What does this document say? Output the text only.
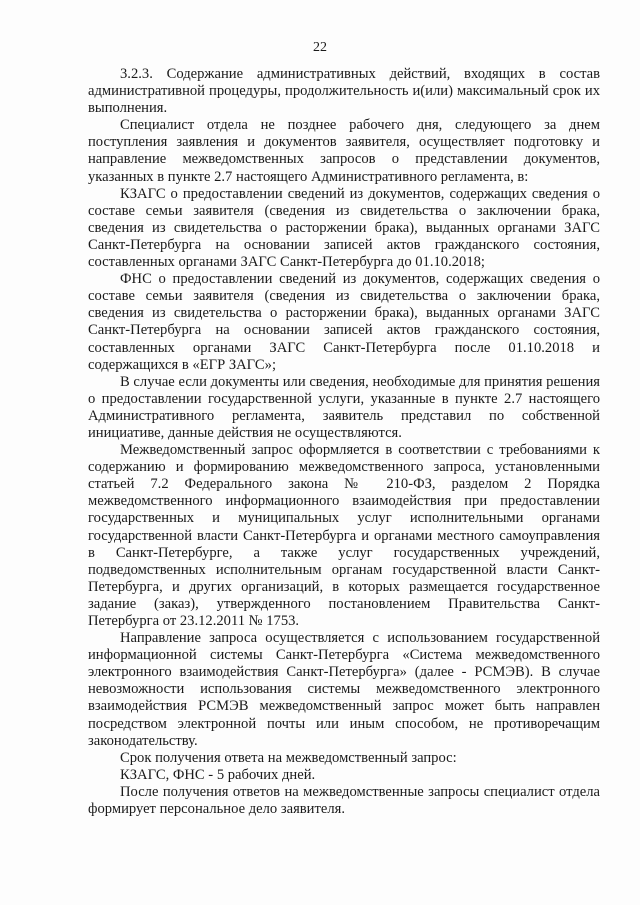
22

3.2.3. Содержание административных действий, входящих в состав административной процедуры, продолжительность и(или) максимальный срок их выполнения.

Специалист отдела не позднее рабочего дня, следующего за днем поступления заявления и документов заявителя, осуществляет подготовку и направление межведомственных запросов о представлении документов, указанных в пункте 2.7 настоящего Административного регламента, в:

КЗАГС о предоставлении сведений из документов, содержащих сведения о составе семьи заявителя (сведения из свидетельства о заключении брака, сведения из свидетельства о расторжении брака), выданных органами ЗАГС Санкт-Петербурга на основании записей актов гражданского состояния, составленных органами ЗАГС Санкт-Петербурга до 01.10.2018;

ФНС о предоставлении сведений из документов, содержащих сведения о составе семьи заявителя (сведения из свидетельства о заключении брака, сведения из свидетельства о расторжении брака), выданных органами ЗАГС Санкт-Петербурга на основании записей актов гражданского состояния, составленных органами ЗАГС Санкт-Петербурга после 01.10.2018 и содержащихся в «ЕГР ЗАГС»;

В случае если документы или сведения, необходимые для принятия решения о предоставлении государственной услуги, указанные в пункте 2.7 настоящего Административного регламента, заявитель представил по собственной инициативе, данные действия не осуществляются.

Межведомственный запрос оформляется в соответствии с требованиями к содержанию и формированию межведомственного запроса, установленными статьей 7.2 Федерального закона № 210-ФЗ, разделом 2 Порядка межведомственного информационного взаимодействия при предоставлении государственных и муниципальных услуг исполнительными органами государственной власти Санкт-Петербурга и органами местного самоуправления в Санкт-Петербурге, а также услуг государственных учреждений, подведомственных исполнительным органам государственной власти Санкт-Петербурга, и других организаций, в которых размещается государственное задание (заказ), утвержденного постановлением Правительства Санкт-Петербурга от 23.12.2011 № 1753.

Направление запроса осуществляется с использованием государственной информационной системы Санкт-Петербурга «Система межведомственного электронного взаимодействия Санкт-Петербурга» (далее - РСМЭВ). В случае невозможности использования системы межведомственного электронного взаимодействия РСМЭВ межведомственный запрос может быть направлен посредством электронной почты или иным способом, не противоречащим законодательству.

Срок получения ответа на межведомственный запрос:

КЗАГС, ФНС - 5 рабочих дней.

После получения ответов на межведомственные запросы специалист отдела формирует персональное дело заявителя.
